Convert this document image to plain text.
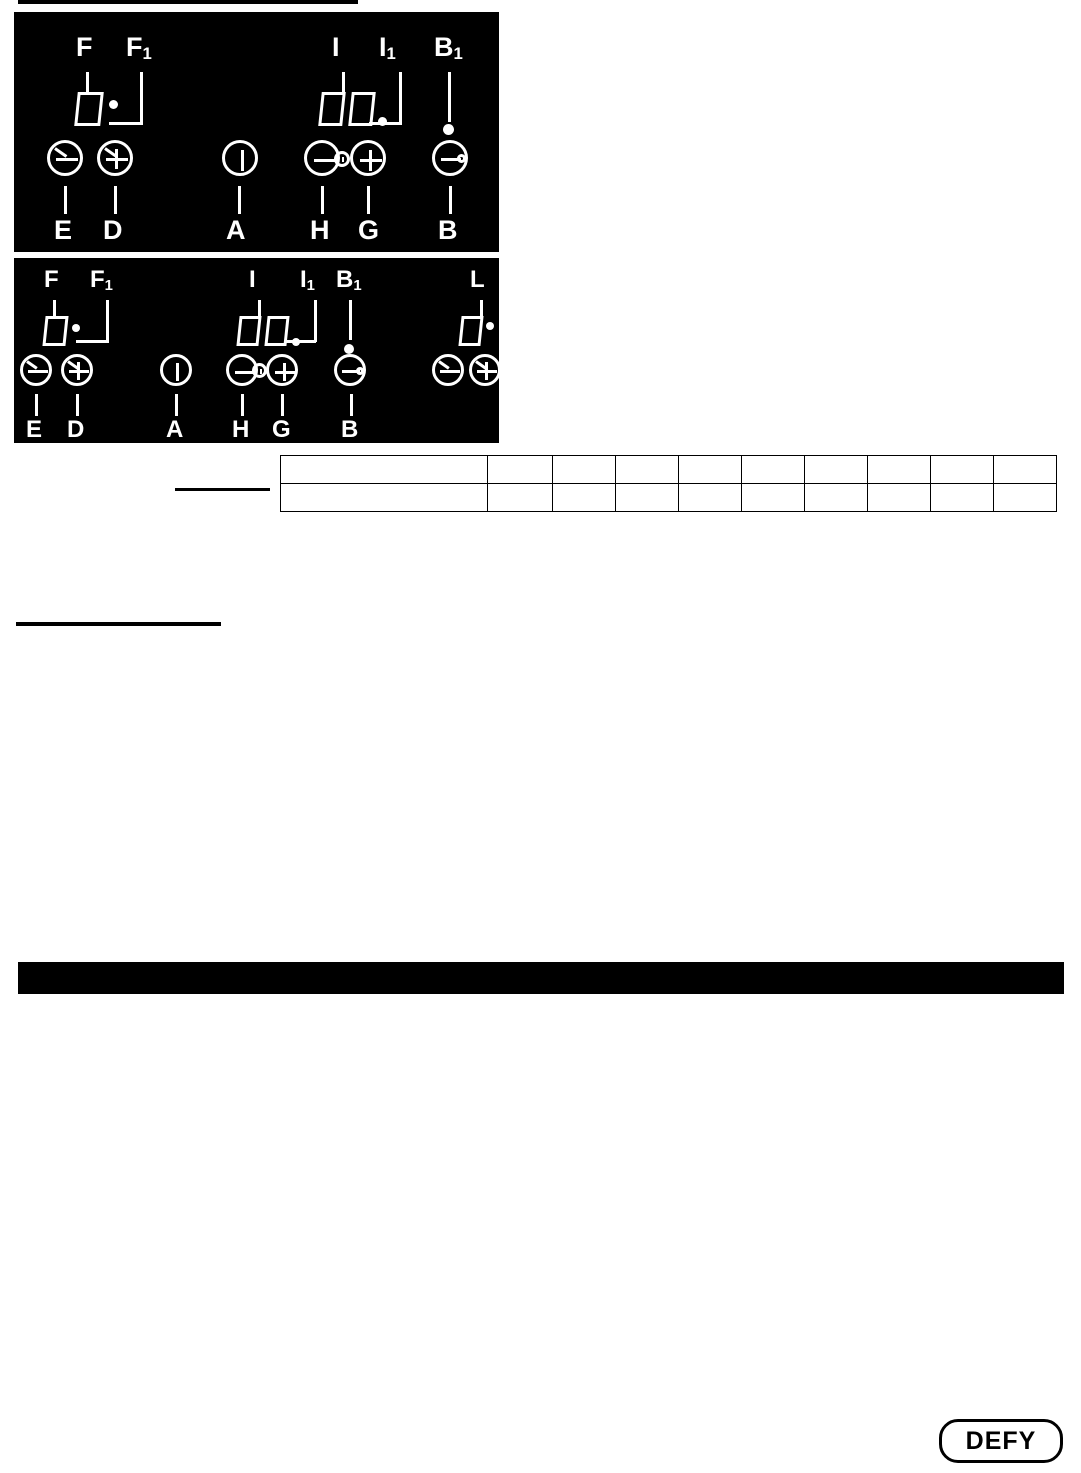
F F1	I I1 B1
E D	A H G B
F F1	I I1 B1	L
E D	A H G B

DEFY
